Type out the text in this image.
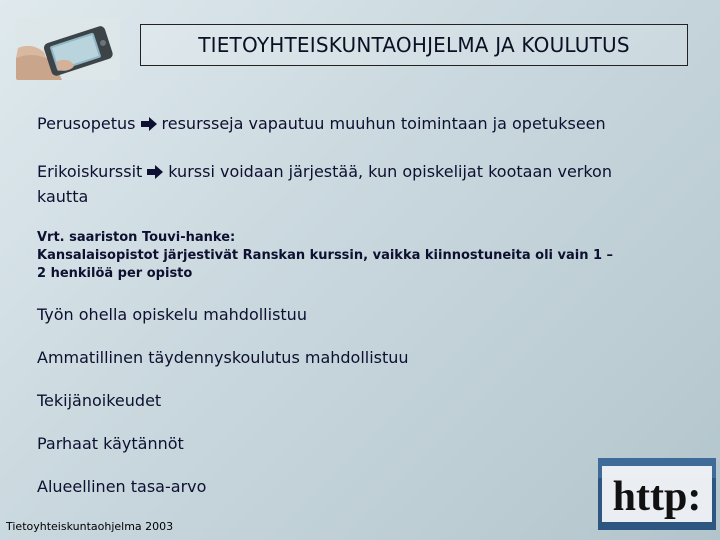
TIETOYHTEISKUNTAOHJELMA JA KOULUTUS

Perusopetus resursseja vapautuu muuhun toimintaan ja opetukseen

Erikoiskurssit kurssi voidaan järjestää, kun opiskelijat kootaan verkon kautta

Vrt. saariston Touvi-hanke:
Kansalaisopistot järjestivät Ranskan kurssin, vaikka kiinnostuneita oli vain 1 – 2 henkilöä per opisto

Työn ohella opiskelu mahdollistuu

Ammatillinen täydennyskoulutus mahdollistuu

Tekijänoikeudet

Parhaat käytännöt

Alueellinen tasa-arvo	http:
Tietoyhteiskuntaohjelma 2003
